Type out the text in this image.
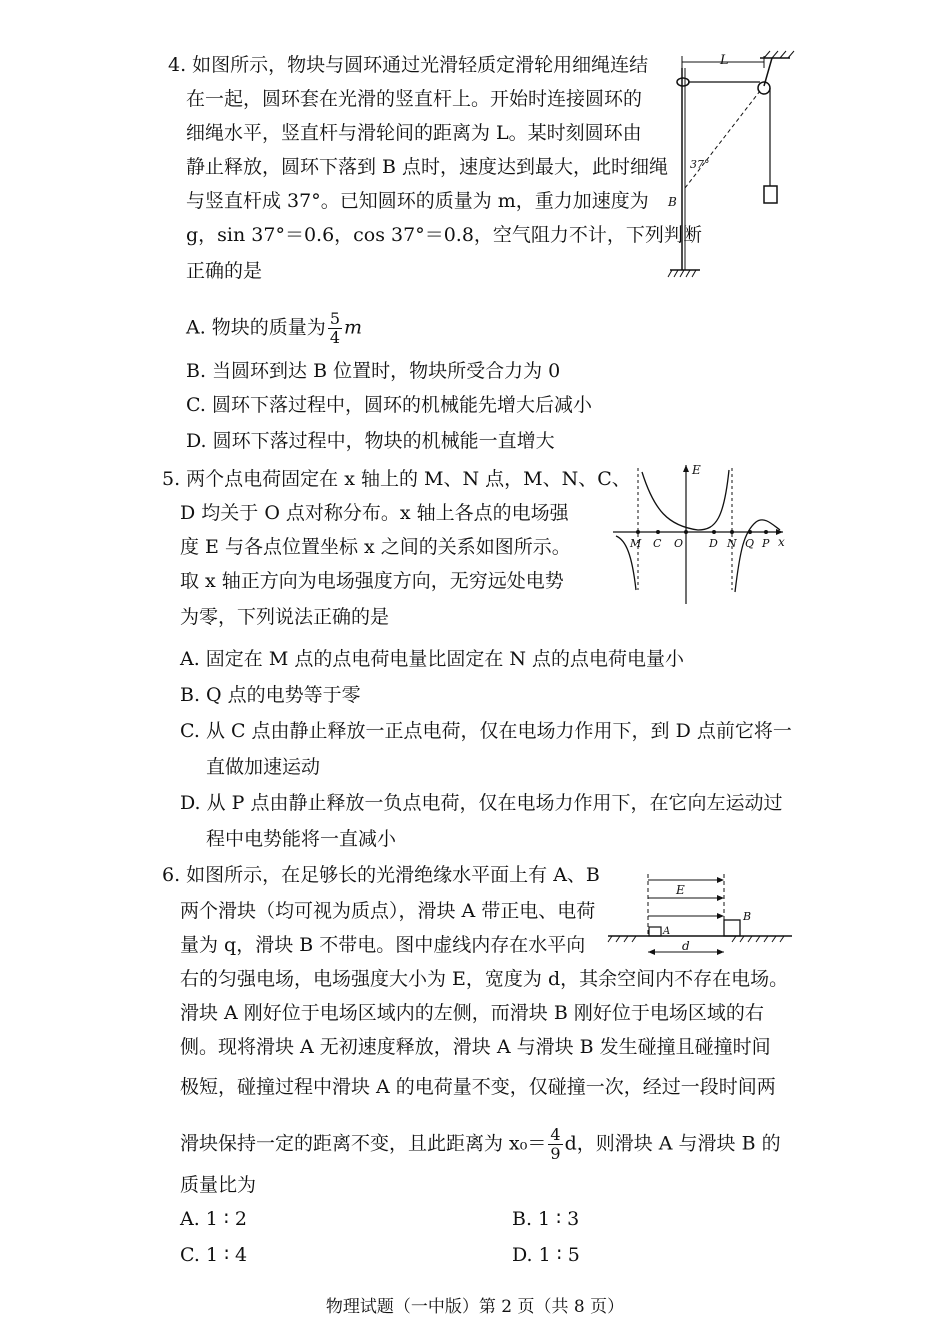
4. 如图所示，物块与圆环通过光滑轻质定滑轮用细绳连结
在一起，圆环套在光滑的竖直杆上。开始时连接圆环的
细绳水平，竖直杆与滑轮间的距离为 L。某时刻圆环由
静止释放，圆环下落到 B 点时，速度达到最大，此时细绳
与竖直杆成 37°。已知圆环的质量为 m，重力加速度为
g，sin 37°＝0.6，cos 37°＝0.8，空气阻力不计，下列判断
正确的是
A. 物块的质量为 $\frac{5}{4}$ m
B. 当圆环到达 B 位置时，物块所受合力为 0
C. 圆环下落过程中，圆环的机械能先增大后减小
D. 圆环下落过程中，物块的机械能一直增大
L
37°
B
5. 两个点电荷固定在 x 轴上的 M、N 点，M、N、C、
D 均关于 O 点对称分布。x 轴上各点的电场强
度 E 与各点位置坐标 x 之间的关系如图所示。
取 x 轴正方向为电场强度方向，无穷远处电势
为零，下列说法正确的是
A. 固定在 M 点的点电荷电量比固定在 N 点的点电荷电量小
B. Q 点的电势等于零
C. 从 C 点由静止释放一正点电荷，仅在电场力作用下，到 D 点前它将一
直做加速运动
D. 从 P 点由静止释放一负点电荷，仅在电场力作用下，在它向左运动过
程中电势能将一直减小
x
E
M C O D N Q P
6. 如图所示，在足够长的光滑绝缘水平面上有 A、B
两个滑块（均可视为质点），滑块 A 带正电、电荷
量为 q，滑块 B 不带电。图中虚线内存在水平向
右的匀强电场，电场强度大小为 E，宽度为 d，其余空间内不存在电场。
滑块 A 刚好位于电场区域内的左侧，而滑块 B 刚好位于电场区域的右
侧。现将滑块 A 无初速度释放，滑块 A 与滑块 B 发生碰撞且碰撞时间
极短，碰撞过程中滑块 A 的电荷量不变，仅碰撞一次，经过一段时间两
滑块保持一定的距离不变，且此距离为 $x_0= \frac{4}{9}$ d，则滑块 A 与滑块 B 的
质量比为
A. 1 ∶ 2	B. 1 ∶ 3
C. 1 ∶ 4	D. 1 ∶ 5
E
A
B
d
物理试题（一中版）第 2 页（共 8 页）
